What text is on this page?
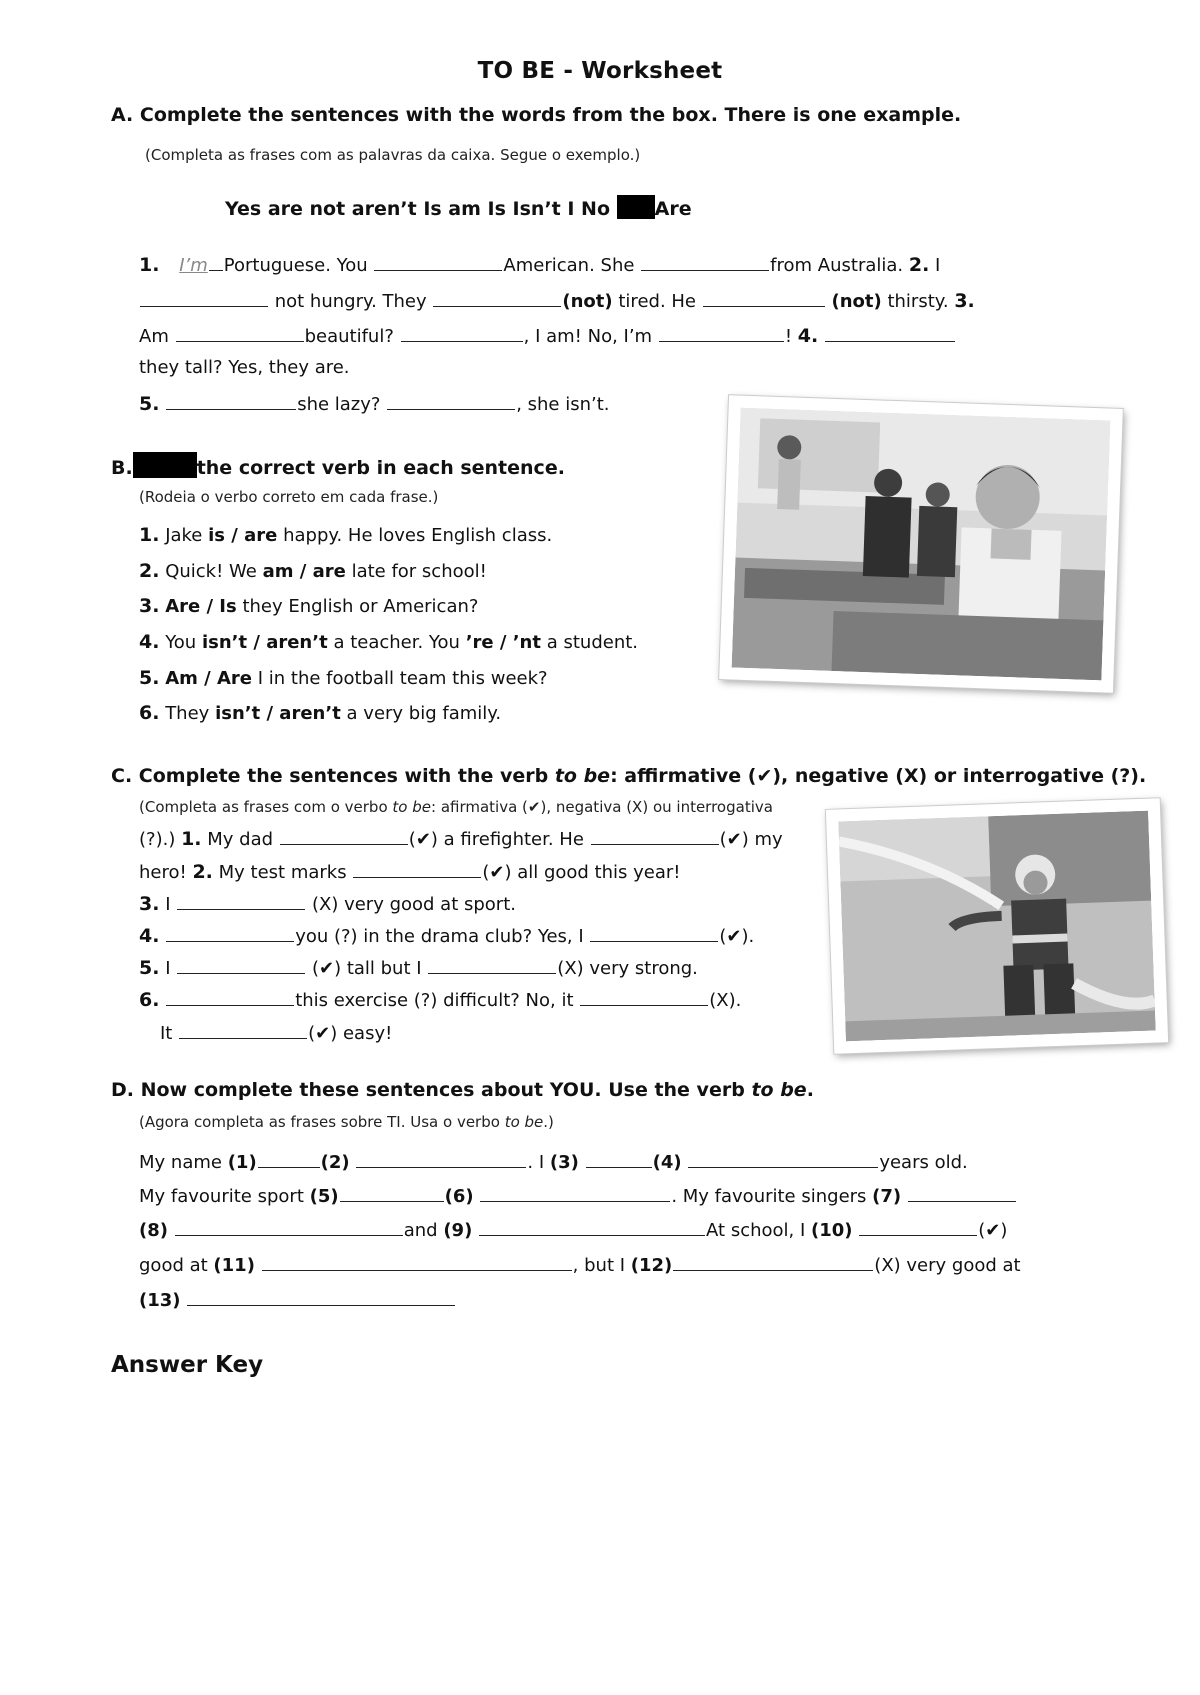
TO BE - Worksheet
A. Complete the sentences with the words from the box. There is one example.
(Completa as frases com as palavras da caixa. Segue o exemplo.)
Yes are not aren’t Is am Is Isn’t I No Are
1. I’m Portuguese. You	American. She	from Australia. 2. I
not hungry. They	(not) tired. He	(not) thirsty. 3.
Am	beautiful?	, I am! No, I’m	! 4.
they tall? Yes, they are.
5.	she lazy?	, she isn’t.
B.	the correct verb in each sentence.
(Rodeia o verbo correto em cada frase.)
1. Jake is / are happy. He loves English class.
2. Quick! We am / are late for school!
3. Are / Is they English or American?
4. You isn’t / aren’t a teacher. You ’re / ’nt a student.
5. Am / Are I in the football team this week?
6. They isn’t / aren’t a very big family.
C. Complete the sentences with the verb to be: affirmative (✔), negative (X) or interrogative (?).
(Completa as frases com o verbo to be: afirmativa (✔), negativa (X) ou interrogativa
(?).) 1. My dad	(✔) a firefighter. He	(✔) my
hero! 2. My test marks	(✔) all good this year!
3. I	(X) very good at sport.
4.	you (?) in the drama club? Yes, I	(✔).
5. I	(✔) tall but I	(X) very strong.
6.	this exercise (?) difficult? No, it	(X).
It	(✔) easy!
D. Now complete these sentences about YOU. Use the verb to be.
(Agora completa as frases sobre TI. Usa o verbo to be.)
My name (1)	(2)	. I (3)	(4)	years old.
My favourite sport (5)	(6)	. My favourite singers (7)
(8)	and (9)	At school, I (10)	(✔)
good at (11)	, but I (12)	(X) very good at
(13)
Answer Key
